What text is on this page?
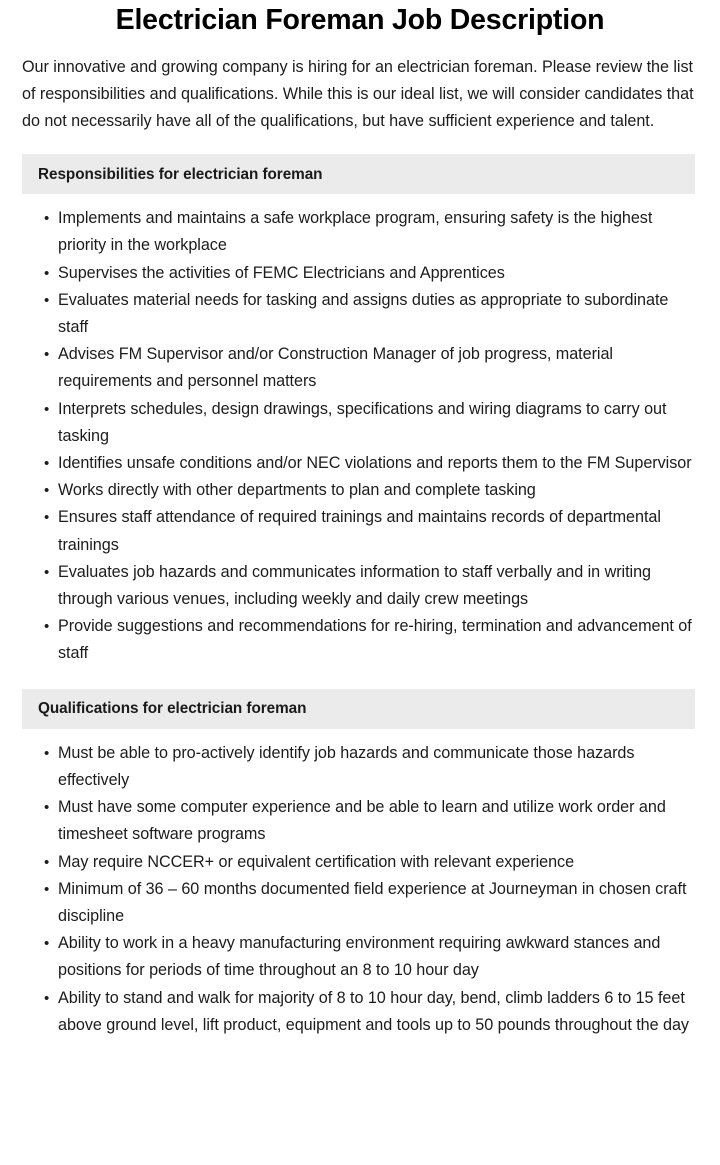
Electrician Foreman Job Description

Our innovative and growing company is hiring for an electrician foreman. Please review the list of responsibilities and qualifications. While this is our ideal list, we will consider candidates that do not necessarily have all of the qualifications, but have sufficient experience and talent.

Responsibilities for electrician foreman
• Implements and maintains a safe workplace program, ensuring safety is the highest priority in the workplace
• Supervises the activities of FEMC Electricians and Apprentices
• Evaluates material needs for tasking and assigns duties as appropriate to subordinate staff
• Advises FM Supervisor and/or Construction Manager of job progress, material requirements and personnel matters
• Interprets schedules, design drawings, specifications and wiring diagrams to carry out tasking
• Identifies unsafe conditions and/or NEC violations and reports them to the FM Supervisor
• Works directly with other departments to plan and complete tasking
• Ensures staff attendance of required trainings and maintains records of departmental trainings
• Evaluates job hazards and communicates information to staff verbally and in writing through various venues, including weekly and daily crew meetings
• Provide suggestions and recommendations for re-hiring, termination and advancement of staff
Qualifications for electrician foreman
• Must be able to pro-actively identify job hazards and communicate those hazards effectively
• Must have some computer experience and be able to learn and utilize work order and timesheet software programs
• May require NCCER+ or equivalent certification with relevant experience
• Minimum of 36 – 60 months documented field experience at Journeyman in chosen craft discipline
• Ability to work in a heavy manufacturing environment requiring awkward stances and positions for periods of time throughout an 8 to 10 hour day
• Ability to stand and walk for majority of 8 to 10 hour day, bend, climb ladders 6 to 15 feet above ground level, lift product, equipment and tools up to 50 pounds throughout the day
